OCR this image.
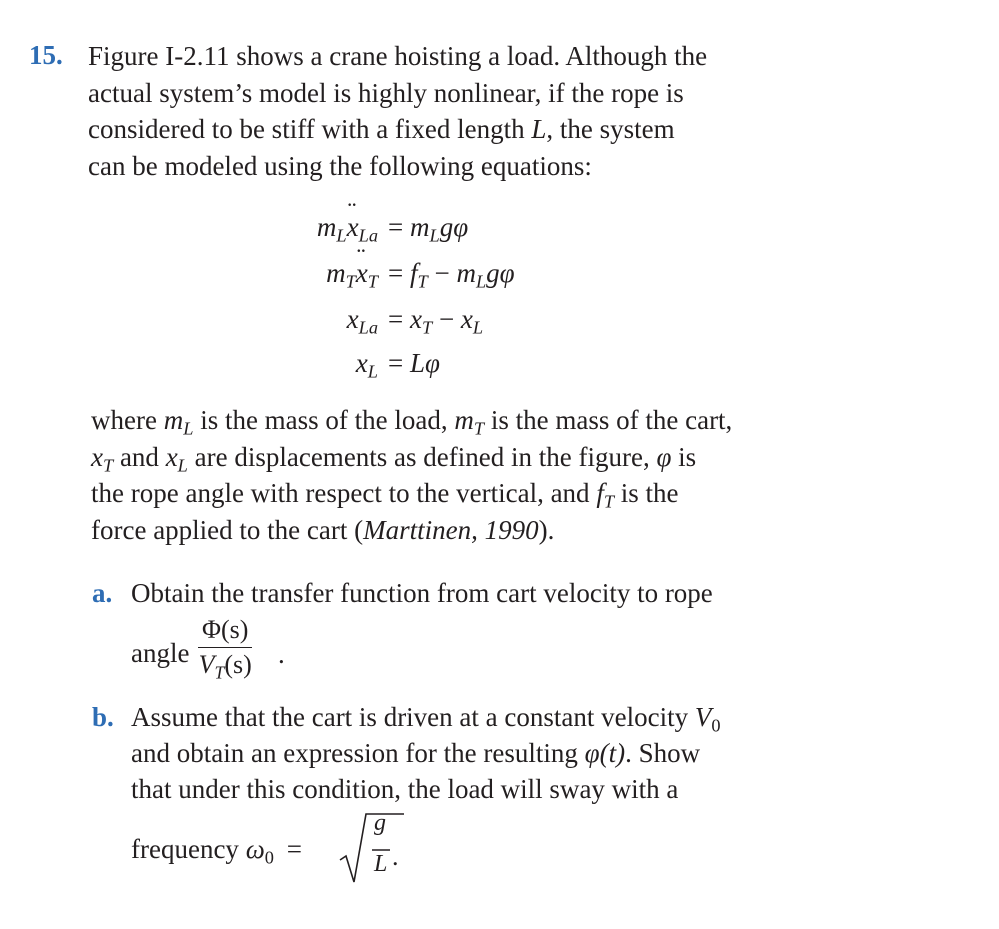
15. Figure I-2.11 shows a crane hoisting a load. Although the
actual system’s model is highly nonlinear, if the rope is
considered to be stiff with a fixed length L, the system
can be modeled using the following equations:

$m_L¨$ $x_{La} = m_Lg\varphi$
$m_T¨$ $x_T = f_T - m_Lg\varphi$
$x_{La} = x_T - x_L$
$x_L = L\varphi$

where $m_L$ is the mass of the load, $m_T$ is the mass of the cart,
$x_T$ and $x_L$ are displacements as defined in the figure, φ is
the rope angle with respect to the vertical, and $f_T$ is the
force applied to the cart (Marttinen, 1990).

a. Obtain the transfer function from cart velocity to rope
angle $\frac{\Phi(s)}{V_T(s)}$ .
b. Assume that the cart is driven at a constant velocity $V_0$
and obtain an expression for the resulting φ(t). Show
that under this condition, the load will sway with a
frequency $\omega_0$ =
g
L .
